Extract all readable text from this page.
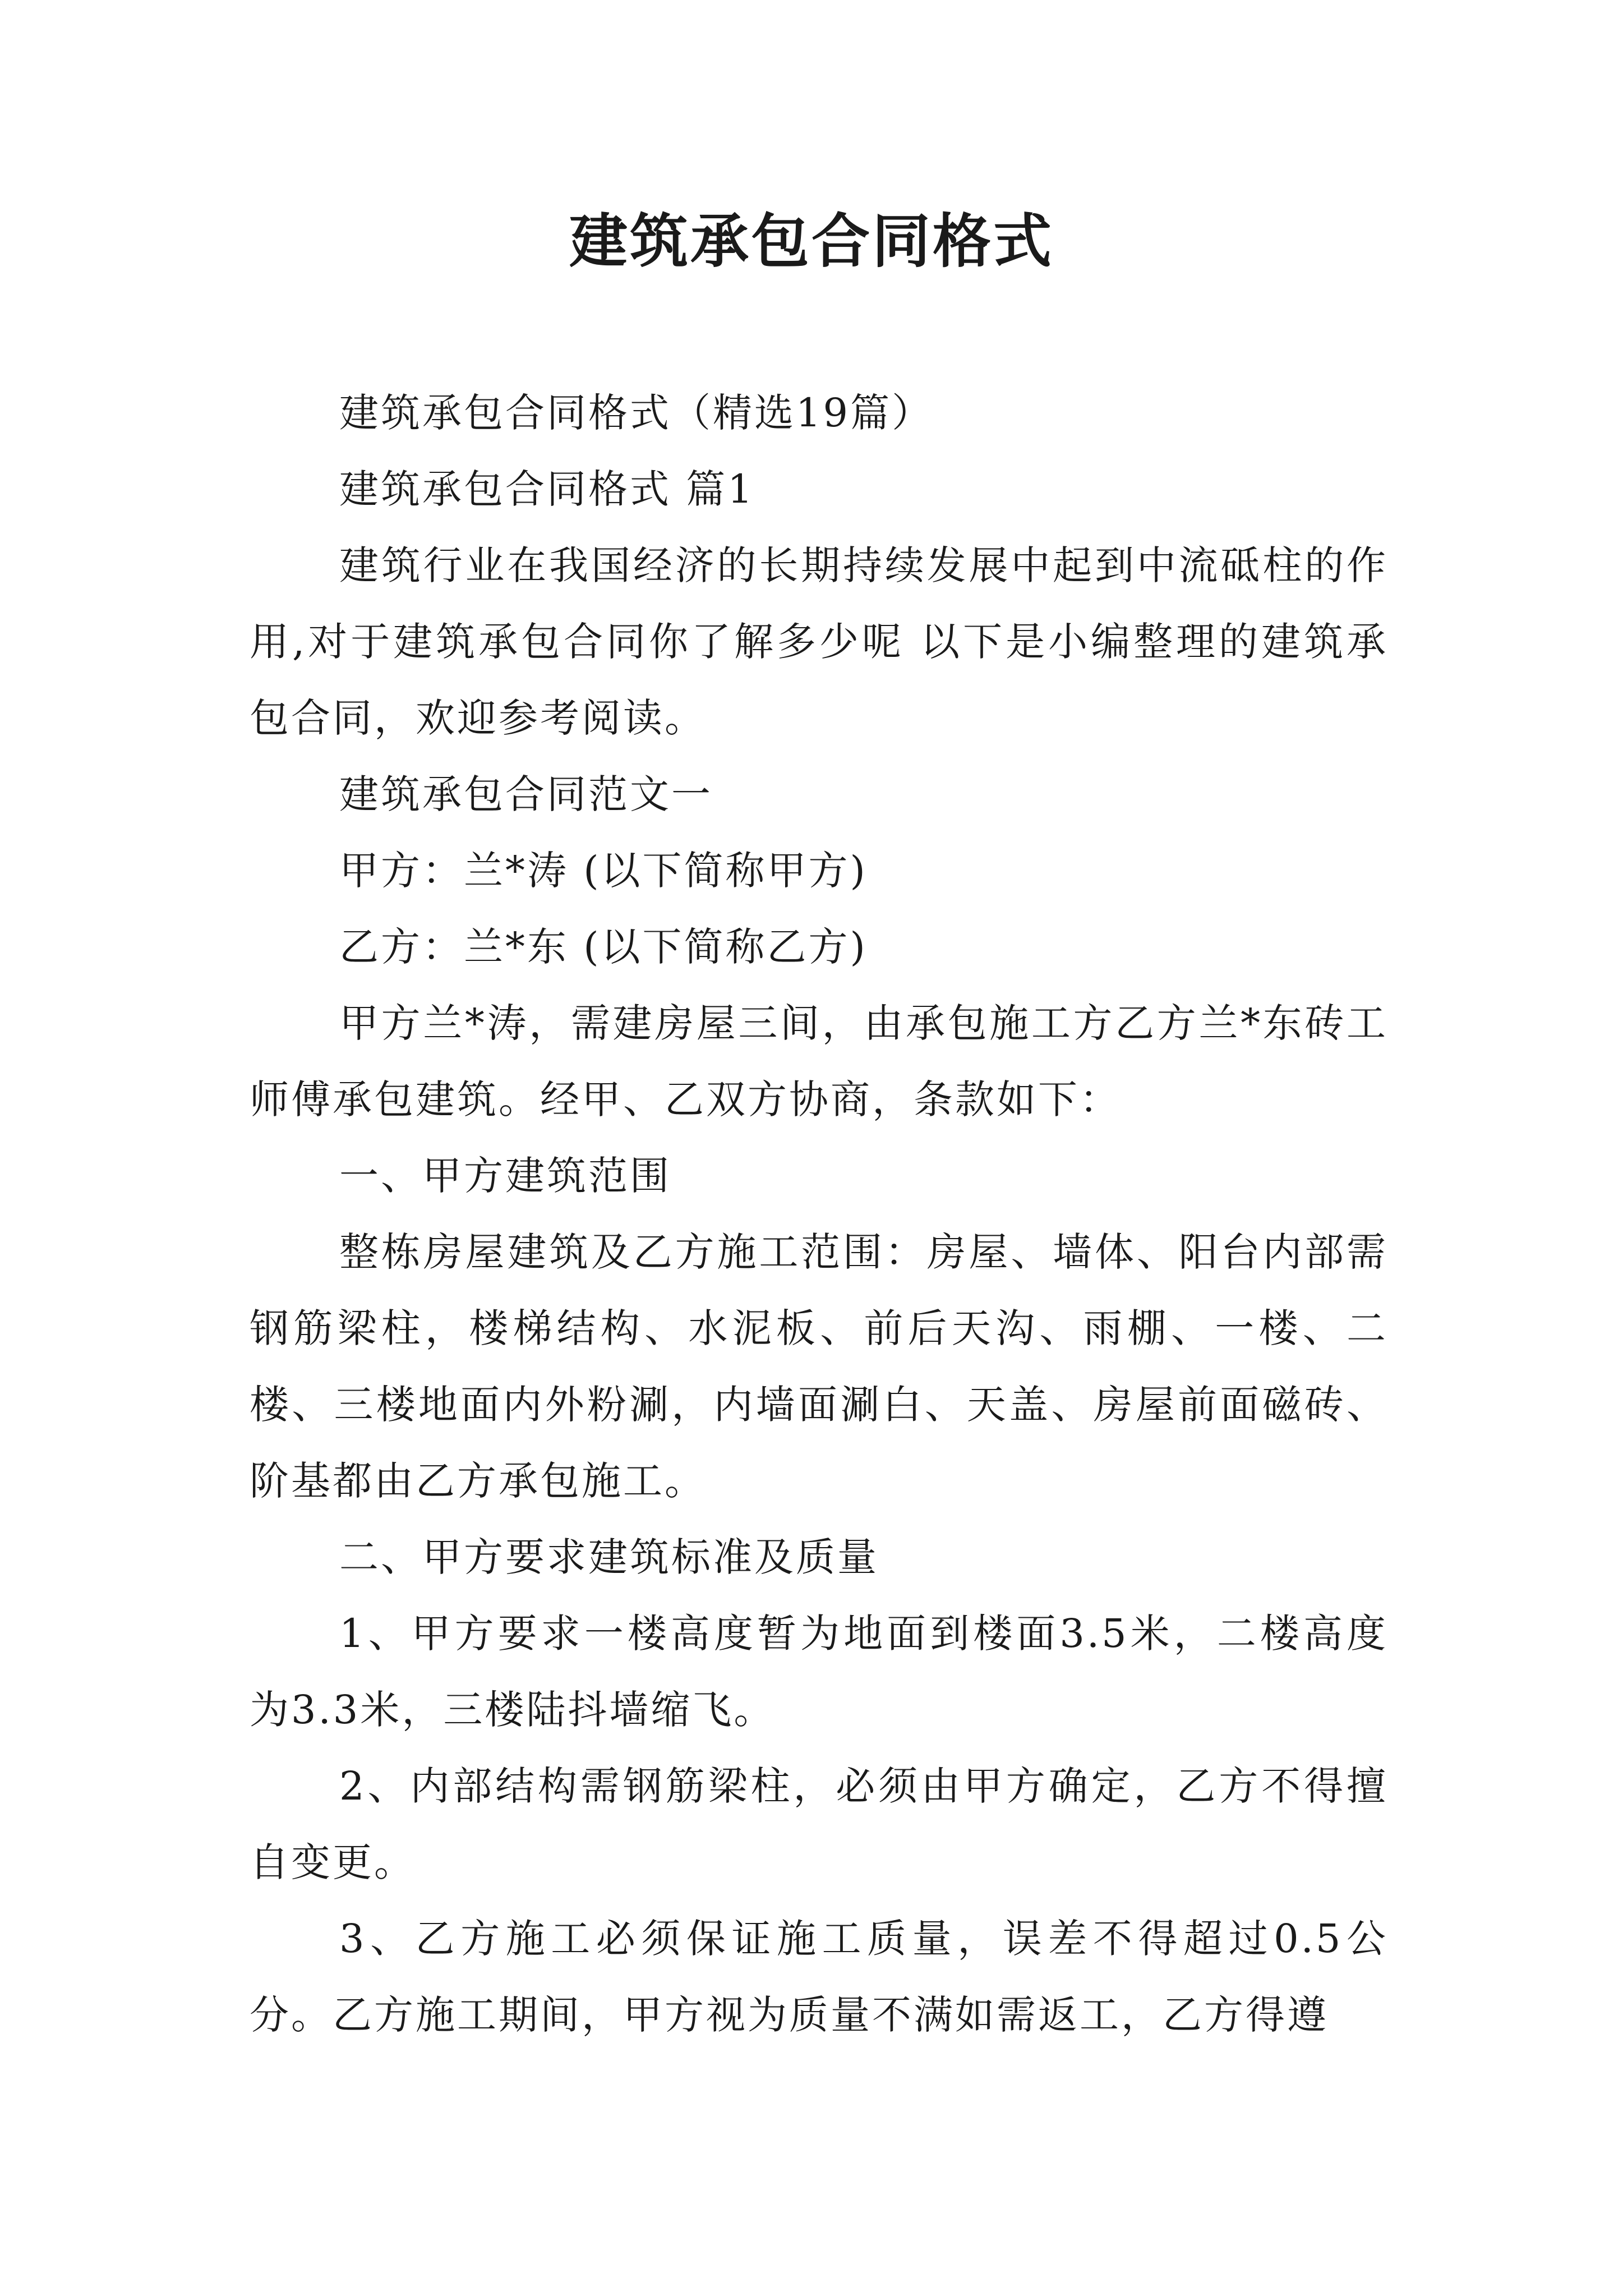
建筑承包合同格式

建筑承包合同格式（精选19篇）

建筑承包合同格式 篇1

建筑行业在我国经济的长期持续发展中起到中流砥柱的作用,对于建筑承包合同你了解多少呢 以下是小编整理的建筑承包合同，欢迎参考阅读。

建筑承包合同范文一

甲方：兰*涛 (以下简称甲方)

乙方：兰*东 (以下简称乙方)

甲方兰*涛，需建房屋三间，由承包施工方乙方兰*东砖工师傅承包建筑。经甲、乙双方协商，条款如下：

一、甲方建筑范围

整栋房屋建筑及乙方施工范围：房屋、墙体、阳台内部需钢筋梁柱，楼梯结构、水泥板、前后天沟、雨棚、一楼、二楼、三楼地面内外粉涮，内墙面涮白、天盖、房屋前面磁砖、阶基都由乙方承包施工。

二、甲方要求建筑标准及质量

1、甲方要求一楼高度暂为地面到楼面3.5米，二楼高度为3.3米，三楼陆抖墙缩飞。

2、内部结构需钢筋梁柱，必须由甲方确定，乙方不得擅自变更。

3、乙方施工必须保证施工质量，误差不得超过0.5公分。乙方施工期间，甲方视为质量不满如需返工，乙方得遵
